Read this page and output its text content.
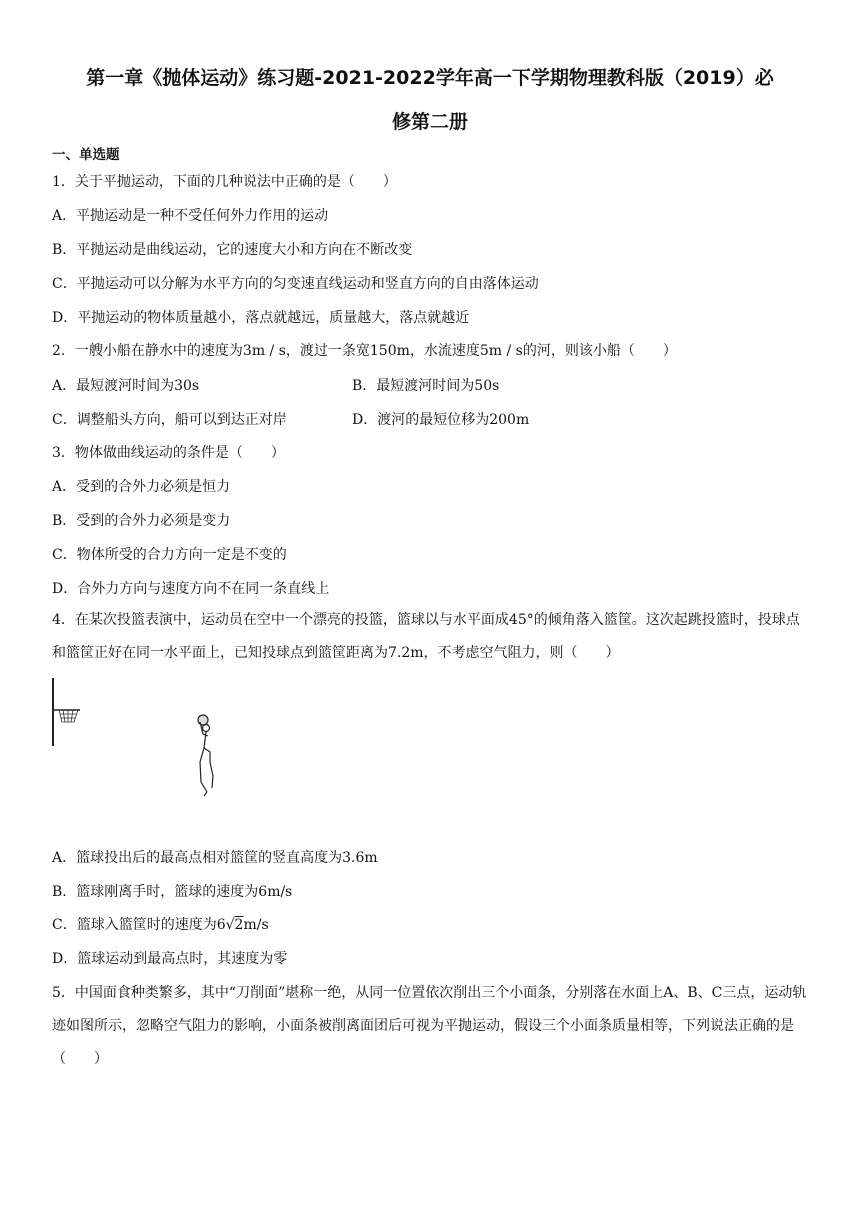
第一章《抛体运动》练习题-2021-2022学年高一下学期物理教科版（2019）必
修第二册
一、单选题
1．关于平抛运动，下面的几种说法中正确的是（　　）
A．平抛运动是一种不受任何外力作用的运动
B．平抛运动是曲线运动，它的速度大小和方向在不断改变
C．平抛运动可以分解为水平方向的匀变速直线运动和竖直方向的自由落体运动
D．平抛运动的物体质量越小，落点就越远，质量越大，落点就越近
2．一艘小船在静水中的速度为3m / s，渡过一条宽150m，水流速度5m / s的河，则该小船（　　）
A．最短渡河时间为30s	B．最短渡河时间为50s
C．调整船头方向，船可以到达正对岸	D．渡河的最短位移为200m
3．物体做曲线运动的条件是（　　）
A．受到的合外力必须是恒力
B．受到的合外力必须是变力
C．物体所受的合力方向一定是不变的
D．合外力方向与速度方向不在同一条直线上
4．在某次投篮表演中，运动员在空中一个漂亮的投篮，篮球以与水平面成45°的倾角落入篮筐。这次起跳投篮时，投球点和篮筐正好在同一水平面上，已知投球点到篮筐距离为7.2m，不考虑空气阻力，则（　　）
A．篮球投出后的最高点相对篮筐的竖直高度为3.6m
B．篮球刚离手时，篮球的速度为6m/s
C．篮球入篮筐时的速度为6√2m/s
D．篮球运动到最高点时，其速度为零
5．中国面食种类繁多，其中“刀削面”堪称一绝，从同一位置依次削出三个小面条，分别落在水面上A、B、C三点，运动轨迹如图所示，忽略空气阻力的影响，小面条被削离面团后可视为平抛运动，假设三个小面条质量相等，下列说法正确的是（　　）
